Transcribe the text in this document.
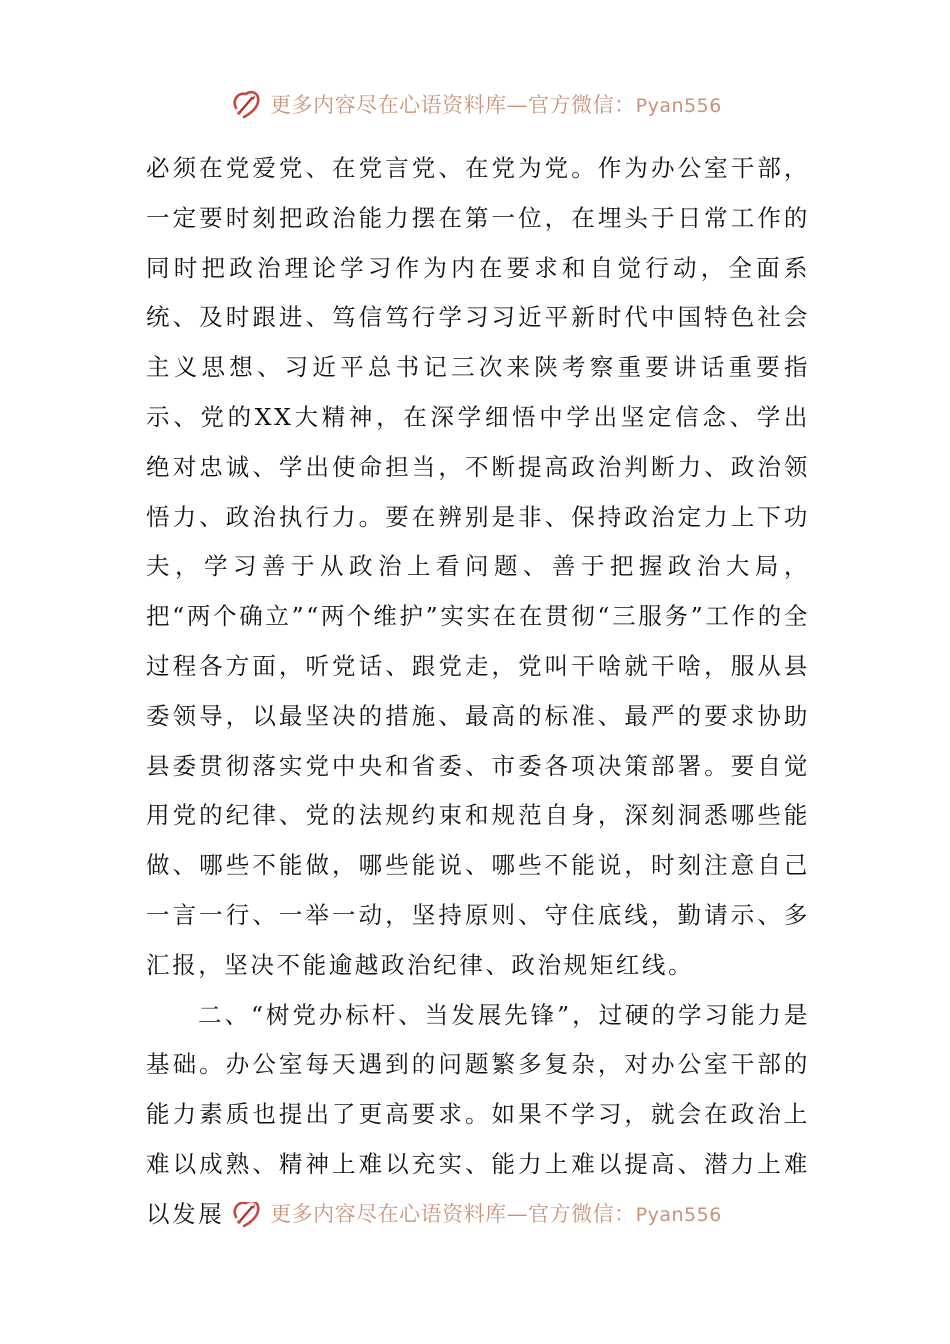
更多内容尽在心语资料库—官方微信：Pyan556

必须在党爱党、在党言党、在党为党。作为办公室干部，一定要时刻把政治能力摆在第一位，在埋头于日常工作的同时把政治理论学习作为内在要求和自觉行动，全面系统、及时跟进、笃信笃行学习习近平新时代中国特色社会主义思想、习近平总书记三次来陕考察重要讲话重要指示、党的XX大精神，在深学细悟中学出坚定信念、学出绝对忠诚、学出使命担当，不断提高政治判断力、政治领悟力、政治执行力。要在辨别是非、保持政治定力上下功夫，学习善于从政治上看问题、善于把握政治大局，把“两个确立”“两个维护”实实在在贯彻“三服务”工作的全过程各方面，听党话、跟党走，党叫干啥就干啥，服从县委领导，以最坚决的措施、最高的标准、最严的要求协助县委贯彻落实党中央和省委、市委各项决策部署。要自觉用党的纪律、党的法规约束和规范自身，深刻洞悉哪些能做、哪些不能做，哪些能说、哪些不能说，时刻注意自己一言一行、一举一动，坚持原则、守住底线，勤请示、多汇报，坚决不能逾越政治纪律、政治规矩红线。

二、“树党办标杆、当发展先锋”，过硬的学习能力是基础。办公室每天遇到的问题繁多复杂，对办公室干部的能力素质也提出了更高要求。如果不学习，就会在政治上难以成熟、精神上难以充实、能力上难以提高、潜力上难以发展	更多内容尽在心语资料库—官方微信：Pyan556
